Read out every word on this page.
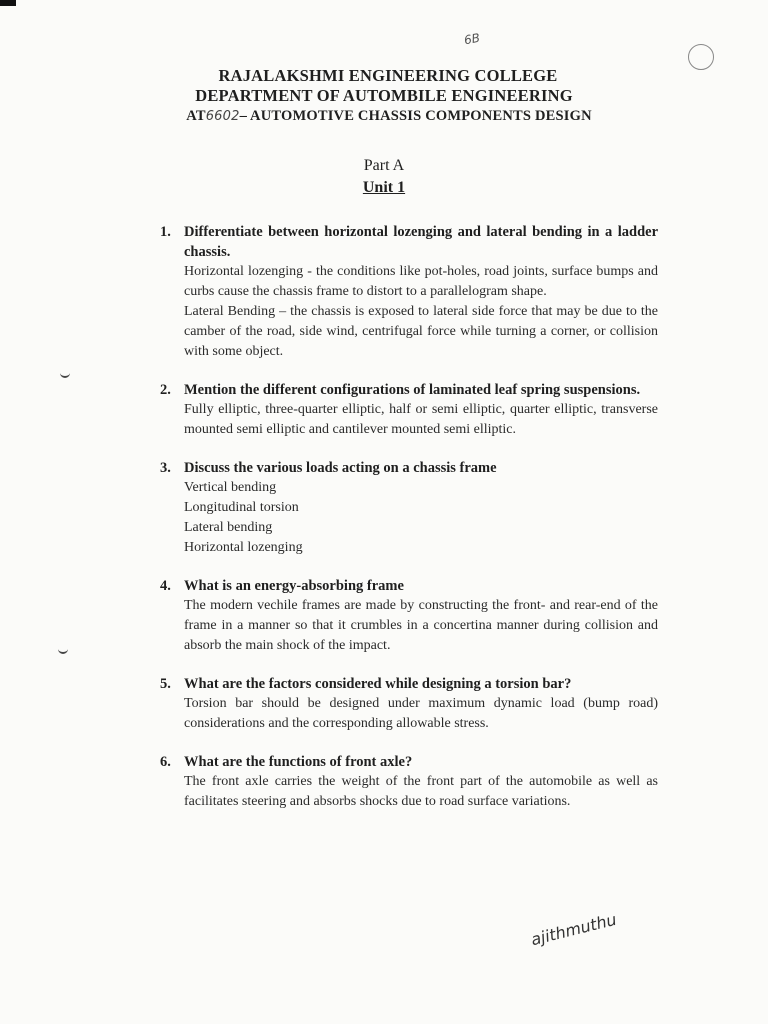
6B
RAJALAKSHMI ENGINEERING COLLEGE
DEPARTMENT OF AUTOMBILE ENGINEERING
AT6602– AUTOMOTIVE CHASSIS COMPONENTS DESIGN
Part A
Unit 1
1. Differentiate between horizontal lozenging and lateral bending in a ladder chassis.
Horizontal lozenging - the conditions like pot-holes, road joints, surface bumps and curbs cause the chassis frame to distort to a parallelogram shape.
Lateral Bending – the chassis is exposed to lateral side force that may be due to the camber of the road, side wind, centrifugal force while turning a corner, or collision with some object.
2. Mention the different configurations of laminated leaf spring suspensions.
Fully elliptic, three-quarter elliptic, half or semi elliptic, quarter elliptic, transverse mounted semi elliptic and cantilever mounted semi elliptic.
3. Discuss the various loads acting on a chassis frame
Vertical bending
Longitudinal torsion
Lateral bending
Horizontal lozenging
4. What is an energy-absorbing frame
The modern vechile frames are made by constructing the front- and rear-end of the frame in a manner so that it crumbles in a concertina manner during collision and absorb the main shock of the impact.
5. What are the factors considered while designing a torsion bar?
Torsion bar should be designed under maximum dynamic load (bump road) considerations and the corresponding allowable stress.
6. What are the functions of front axle?
The front axle carries the weight of the front part of the automobile as well as facilitates steering and absorbs shocks due to road surface variations.
ajithmuthu
